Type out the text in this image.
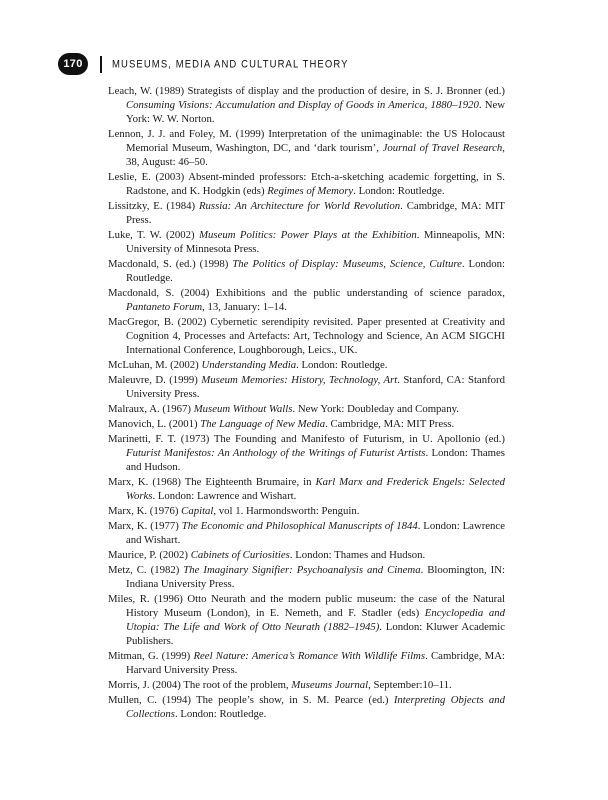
170	MUSEUMS, MEDIA AND CULTURAL THEORY

Leach, W. (1989) Strategists of display and the production of desire, in S. J. Bronner (ed.) Consuming Visions: Accumulation and Display of Goods in America, 1880–1920. New York: W. W. Norton.

Lennon, J. J. and Foley, M. (1999) Interpretation of the unimaginable: the US Holocaust Memorial Museum, Washington, DC, and ‘dark tourism’, Journal of Travel Research, 38, August: 46–50.

Leslie, E. (2003) Absent-minded professors: Etch-a-sketching academic forgetting, in S. Radstone, and K. Hodgkin (eds) Regimes of Memory. London: Routledge.

Lissitzky, E. (1984) Russia: An Architecture for World Revolution. Cambridge, MA: MIT Press.

Luke, T. W. (2002) Museum Politics: Power Plays at the Exhibition. Minneapolis, MN: University of Minnesota Press.

Macdonald, S. (ed.) (1998) The Politics of Display: Museums, Science, Culture. London: Routledge.

Macdonald, S. (2004) Exhibitions and the public understanding of science paradox, Pantaneto Forum, 13, January: 1–14.

MacGregor, B. (2002) Cybernetic serendipity revisited. Paper presented at Creativity and Cognition 4, Processes and Artefacts: Art, Technology and Science, An ACM SIGCHI International Conference, Loughborough, Leics., UK.

McLuhan, M. (2002) Understanding Media. London: Routledge.

Maleuvre, D. (1999) Museum Memories: History, Technology, Art. Stanford, CA: Stanford University Press.

Malraux, A. (1967) Museum Without Walls. New York: Doubleday and Company.

Manovich, L. (2001) The Language of New Media. Cambridge, MA: MIT Press.

Marinetti, F. T. (1973) The Founding and Manifesto of Futurism, in U. Apollonio (ed.) Futurist Manifestos: An Anthology of the Writings of Futurist Artists. London: Thames and Hudson.

Marx, K. (1968) The Eighteenth Brumaire, in Karl Marx and Frederick Engels: Selected Works. London: Lawrence and Wishart.

Marx, K. (1976) Capital, vol 1. Harmondsworth: Penguin.

Marx, K. (1977) The Economic and Philosophical Manuscripts of 1844. London: Lawrence and Wishart.

Maurice, P. (2002) Cabinets of Curiosities. London: Thames and Hudson.

Metz, C. (1982) The Imaginary Signifier: Psychoanalysis and Cinema. Bloomington, IN: Indiana University Press.

Miles, R. (1996) Otto Neurath and the modern public museum: the case of the Natural History Museum (London), in E. Nemeth, and F. Stadler (eds) Encyclopedia and Utopia: The Life and Work of Otto Neurath (1882–1945). London: Kluwer Academic Publishers.

Mitman, G. (1999) Reel Nature: America’s Romance With Wildlife Films. Cambridge, MA: Harvard University Press.

Morris, J. (2004) The root of the problem, Museums Journal, September:10–11.

Mullen, C. (1994) The people’s show, in S. M. Pearce (ed.) Interpreting Objects and Collections. London: Routledge.
